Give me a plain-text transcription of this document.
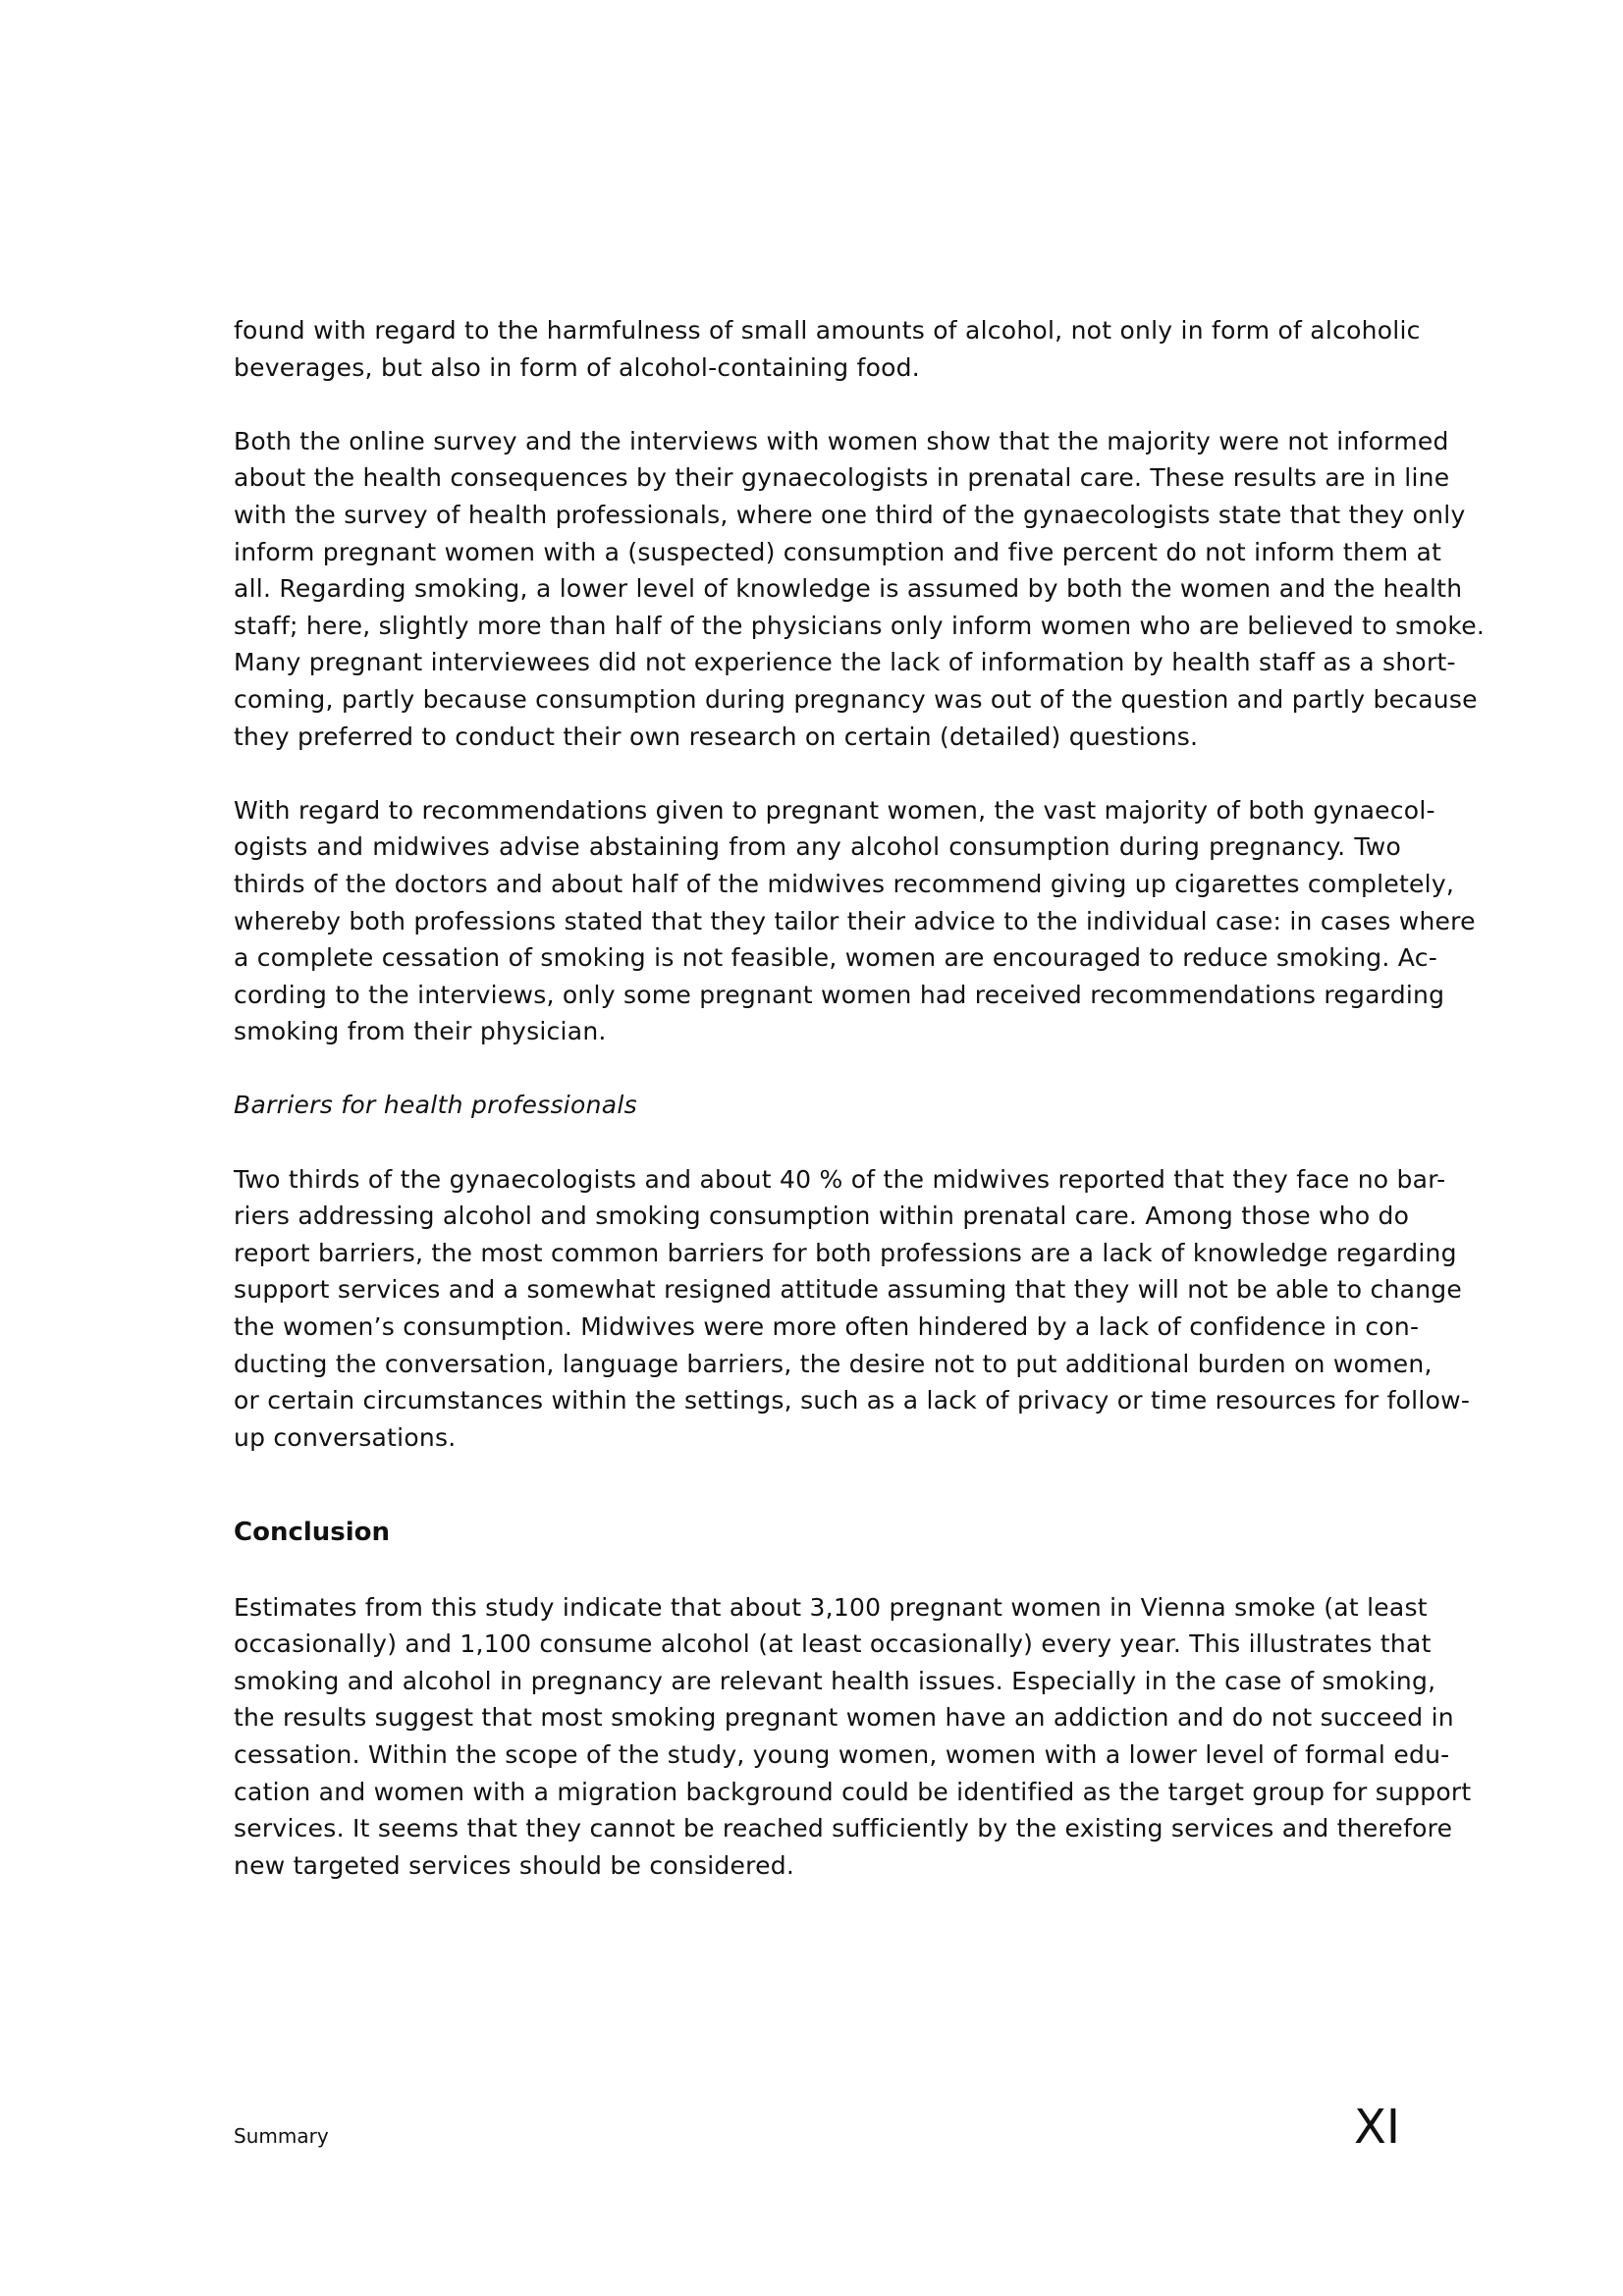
found with regard to the harmfulness of small amounts of alcohol, not only in form of alcoholic
beverages, but also in form of alcohol-containing food.

Both the online survey and the interviews with women show that the majority were not informed
about the health consequences by their gynaecologists in prenatal care. These results are in line
with the survey of health professionals, where one third of the gynaecologists state that they only
inform pregnant women with a (suspected) consumption and five percent do not inform them at
all. Regarding smoking, a lower level of knowledge is assumed by both the women and the health
staff; here, slightly more than half of the physicians only inform women who are believed to smoke.
Many pregnant interviewees did not experience the lack of information by health staff as a short-
coming, partly because consumption during pregnancy was out of the question and partly because
they preferred to conduct their own research on certain (detailed) questions.

With regard to recommendations given to pregnant women, the vast majority of both gynaecol-
ogists and midwives advise abstaining from any alcohol consumption during pregnancy. Two
thirds of the doctors and about half of the midwives recommend giving up cigarettes completely,
whereby both professions stated that they tailor their advice to the individual case: in cases where
a complete cessation of smoking is not feasible, women are encouraged to reduce smoking. Ac-
cording to the interviews, only some pregnant women had received recommendations regarding
smoking from their physician.

Barriers for health professionals

Two thirds of the gynaecologists and about 40 % of the midwives reported that they face no bar-
riers addressing alcohol and smoking consumption within prenatal care. Among those who do
report barriers, the most common barriers for both professions are a lack of knowledge regarding
support services and a somewhat resigned attitude assuming that they will not be able to change
the women’s consumption. Midwives were more often hindered by a lack of confidence in con-
ducting the conversation, language barriers, the desire not to put additional burden on women,
or certain circumstances within the settings, such as a lack of privacy or time resources for follow-
up conversations.

Conclusion

Estimates from this study indicate that about 3,100 pregnant women in Vienna smoke (at least
occasionally) and 1,100 consume alcohol (at least occasionally) every year. This illustrates that
smoking and alcohol in pregnancy are relevant health issues. Especially in the case of smoking,
the results suggest that most smoking pregnant women have an addiction and do not succeed in
cessation. Within the scope of the study, young women, women with a lower level of formal edu-
cation and women with a migration background could be identified as the target group for support
services. It seems that they cannot be reached sufficiently by the existing services and therefore
new targeted services should be considered.

Summary	XI
